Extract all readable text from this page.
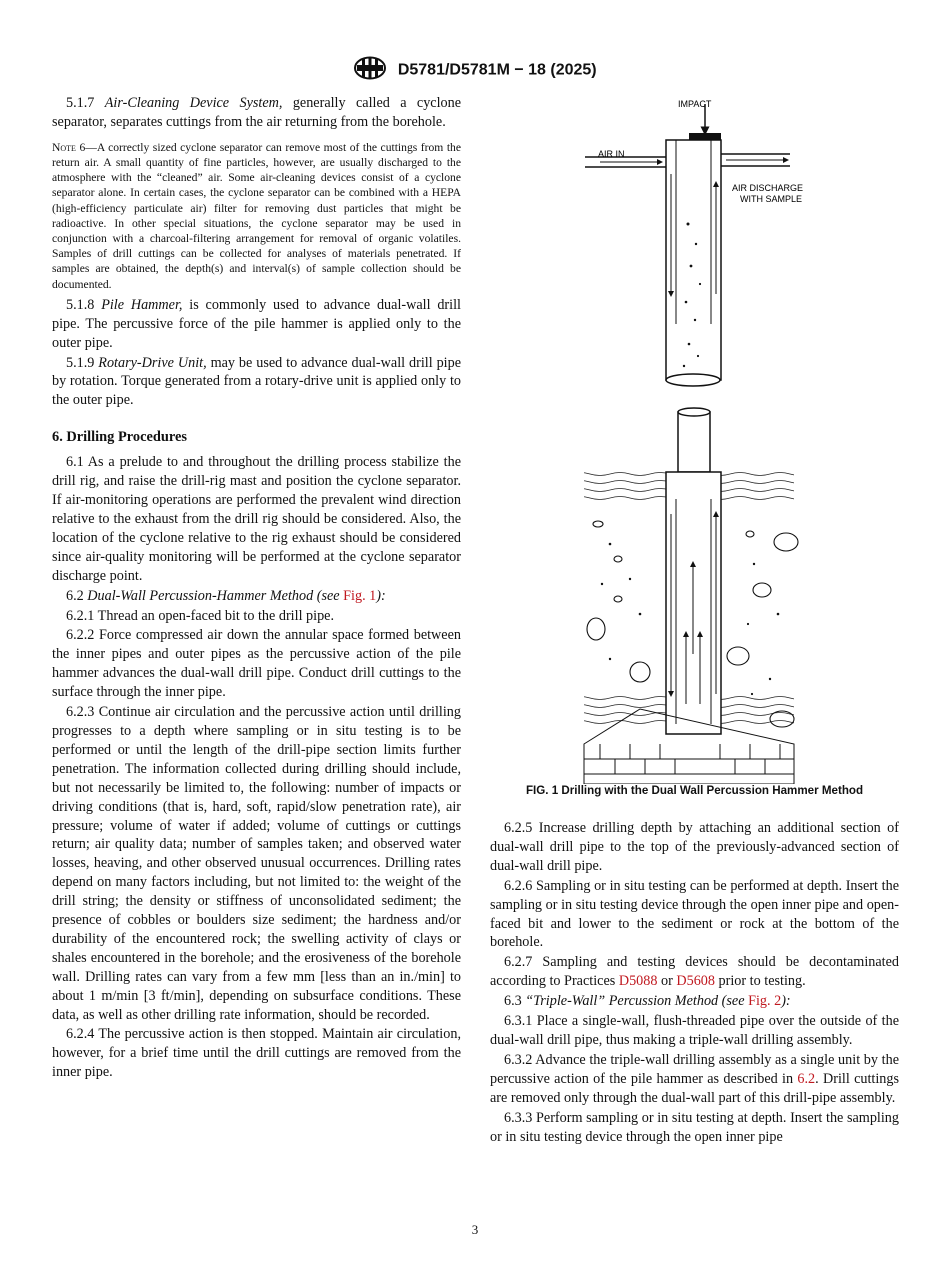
D5781/D5781M − 18 (2025)

5.1.7 Air-Cleaning Device System, generally called a cyclone separator, separates cuttings from the air returning from the borehole.

Note 6—A correctly sized cyclone separator can remove most of the cuttings from the return air. A small quantity of fine particles, however, are usually discharged to the atmosphere with the “cleaned” air. Some air-cleaning devices consist of a cyclone separator alone. In certain cases, the cyclone separator can be combined with a HEPA (high-efficiency particulate air) filter for removing dust particles that might be radioactive. In other special situations, the cyclone separator may be used in conjunction with a charcoal-filtering arrangement for removal of organic volatiles. Samples of drill cuttings can be collected for analyses of materials penetrated. If samples are obtained, the depth(s) and interval(s) of sample collection should be documented.

5.1.8 Pile Hammer, is commonly used to advance dual-wall drill pipe. The percussive force of the pile hammer is applied only to the outer pipe.

5.1.9 Rotary-Drive Unit, may be used to advance dual-wall drill pipe by rotation. Torque generated from a rotary-drive unit is applied only to the outer pipe.

6. Drilling Procedures

6.1 As a prelude to and throughout the drilling process stabilize the drill rig, and raise the drill-rig mast and position the cyclone separator. If air-monitoring operations are performed the prevalent wind direction relative to the exhaust from the drill rig should be considered. Also, the location of the cyclone relative to the rig exhaust should be considered since air-quality monitoring will be performed at the cyclone separator discharge point.

6.2 Dual-Wall Percussion-Hammer Method (see Fig. 1):

6.2.1 Thread an open-faced bit to the drill pipe.

6.2.2 Force compressed air down the annular space formed between the inner pipes and outer pipes as the percussive action of the pile hammer advances the dual-wall drill pipe. Conduct drill cuttings to the surface through the inner pipe.

6.2.3 Continue air circulation and the percussive action until drilling progresses to a depth where sampling or in situ testing is to be performed or until the length of the drill-pipe section limits further penetration. The information collected during drilling should include, but not necessarily be limited to, the following: number of impacts or driving conditions (that is, hard, soft, rapid/slow penetration rate), air pressure; volume of water if added; volume of cuttings or cuttings return; air quality data; number of samples taken; and observed water losses, heaving, and other observed unusual occurrences. Drilling rates depend on many factors including, but not limited to: the weight of the drill string; the density or stiffness of unconsolidated sediment; the presence of cobbles or boulders size sediment; the hardness and/or durability of the encountered rock; the swelling activity of clays or shales encountered in the borehole; and the erosiveness of the borehole wall. Drilling rates can vary from a few mm [less than an in./min] to about 1 m/min [3 ft/min], depending on subsurface conditions. These data, as well as other drilling rate information, should be recorded.

6.2.4 The percussive action is then stopped. Maintain air circulation, however, for a brief time until the drill cuttings are removed from the inner pipe.

IMPACT
AIR IN
AIR DISCHARGE
WITH SAMPLE
FIG. 1 Drilling with the Dual Wall Percussion Hammer Method

6.2.5 Increase drilling depth by attaching an additional section of dual-wall drill pipe to the top of the previously-advanced section of dual-wall drill pipe.

6.2.6 Sampling or in situ testing can be performed at depth. Insert the sampling or in situ testing device through the open inner pipe and open-faced bit and lower to the sediment or rock at the bottom of the borehole.

6.2.7 Sampling and testing devices should be decontaminated according to Practices D5088 or D5608 prior to testing.

6.3 “Triple-Wall” Percussion Method (see Fig. 2):

6.3.1 Place a single-wall, flush-threaded pipe over the outside of the dual-wall drill pipe, thus making a triple-wall drilling assembly.

6.3.2 Advance the triple-wall drilling assembly as a single unit by the percussive action of the pile hammer as described in 6.2. Drill cuttings are removed only through the dual-wall part of this drill-pipe assembly.

6.3.3 Perform sampling or in situ testing at depth. Insert the sampling or in situ testing device through the open inner pipe

3
